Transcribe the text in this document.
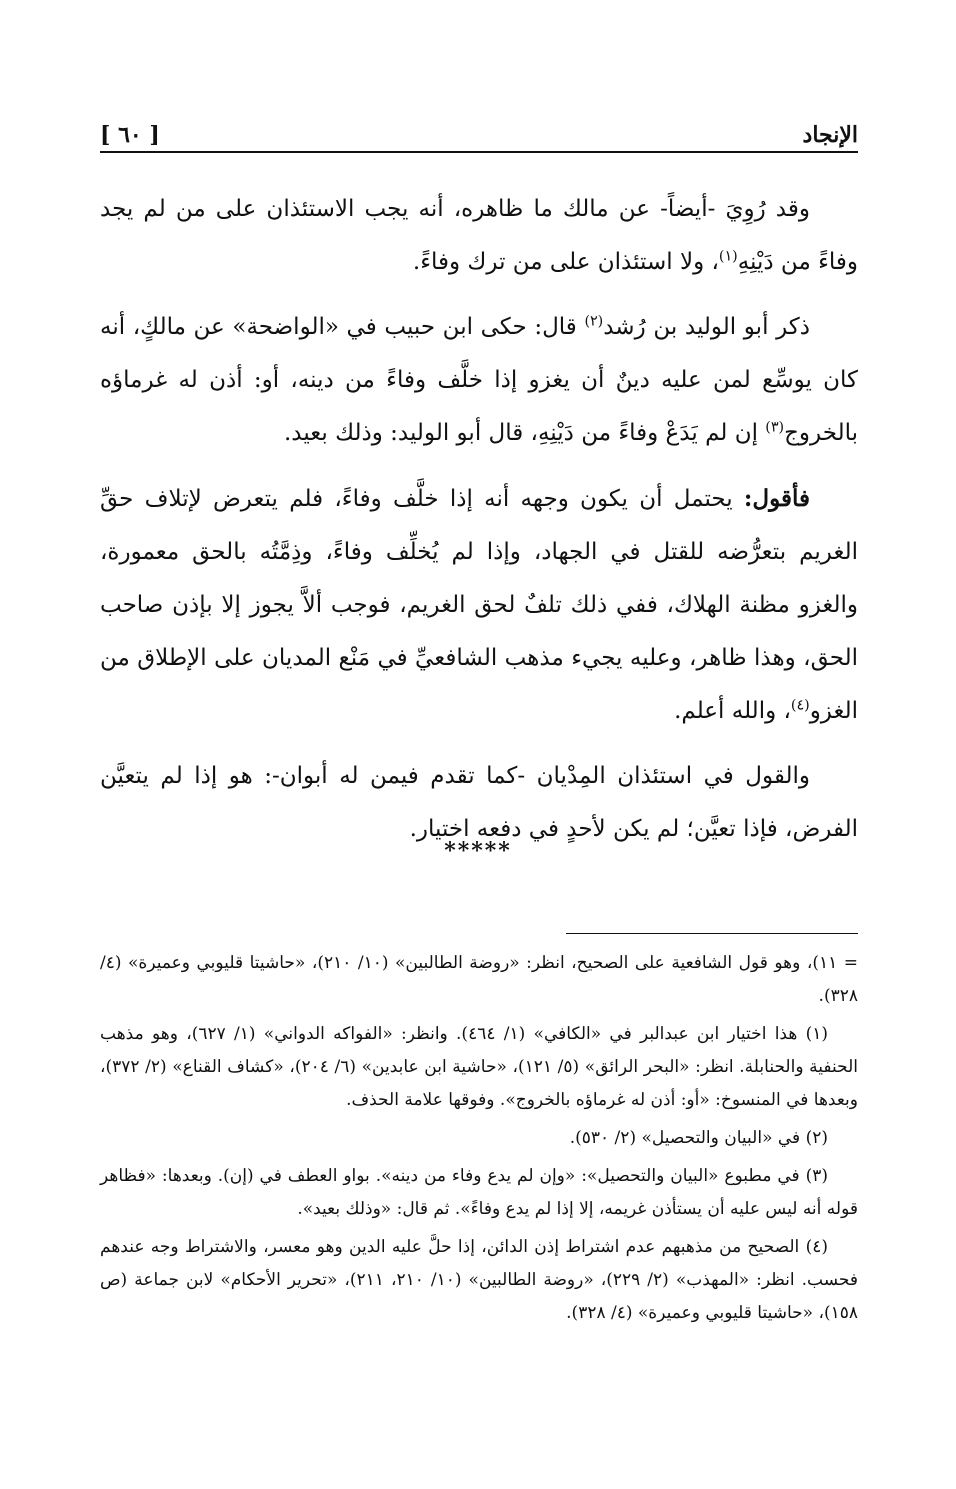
الإنجاد
[ ٦٠ ]

وقد رُوِيَ -أيضاً- عن مالك ما ظاهره، أنه يجب الاستئذان على من لم يجد وفاءً من دَيْنِهِ$^{(١)}$، ولا استئذان على من ترك وفاءً.

ذكر أبو الوليد بن رُشد$^{(٢)}$ قال: حكى ابن حبيب في «الواضحة» عن مالكٍ، أنه كان يوسِّع لمن عليه دينٌ أن يغزو إذا خلَّف وفاءً من دينه، أو: أذن له غرماؤه بالخروج$^{(٣)}$ إن لم يَدَعْ وفاءً من دَيْنِهِ، قال أبو الوليد: وذلك بعيد.

فأقول: يحتمل أن يكون وجهه أنه إذا خلَّف وفاءً، فلم يتعرض لإتلاف حقِّ الغريم بتعرُّضه للقتل في الجهاد، وإذا لم يُخلِّف وفاءً، وذِمَّتُه بالحق معمورة، والغزو مظنة الهلاك، ففي ذلك تلفٌ لحق الغريم، فوجب ألاَّ يجوز إلا بإذن صاحب الحق، وهذا ظاهر، وعليه يجيء مذهب الشافعيِّ في مَنْع المديان على الإطلاق من الغزو$^{(٤)}$، والله أعلم.

والقول في استئذان المِدْيان -كما تقدم فيمن له أبوان-: هو إذا لم يتعيَّن الفرض، فإذا تعيَّن؛ لم يكن لأحدٍ في دفعه اختيار.

*****

= ١١)، وهو قول الشافعية على الصحيح، انظر: «روضة الطالبين» (١٠/ ٢١٠)، «حاشيتا قليوبي وعميرة» (٤/ ٣٢٨).

(١) هذا اختيار ابن عبدالبر في «الكافي» (١/ ٤٦٤). وانظر: «الفواكه الدواني» (١/ ٦٢٧)، وهو مذهب الحنفية والحنابلة. انظر: «البحر الرائق» (٥/ ١٢١)، «حاشية ابن عابدين» (٦/ ٢٠٤)، «كشاف القناع» (٢/ ٣٧٢)، وبعدها في المنسوخ: «أو: أذن له غرماؤه بالخروج». وفوقها علامة الحذف.

(٢) في «البيان والتحصيل» (٢/ ٥٣٠).

(٣) في مطبوع «البيان والتحصيل»: «وإن لم يدع وفاء من دينه». بواو العطف في (إن). وبعدها: «فظاهر قوله أنه ليس عليه أن يستأذن غريمه، إلا إذا لم يدع وفاءً». ثم قال: «وذلك بعيد».

(٤) الصحيح من مذهبهم عدم اشتراط إذن الدائن، إذا حلَّ عليه الدين وهو معسر، والاشتراط وجه عندهم فحسب. انظر: «المهذب» (٢/ ٢٢٩)، «روضة الطالبين» (١٠/ ٢١٠، ٢١١)، «تحرير الأحكام» لابن جماعة (ص ١٥٨)، «حاشيتا قليوبي وعميرة» (٤/ ٣٢٨).
